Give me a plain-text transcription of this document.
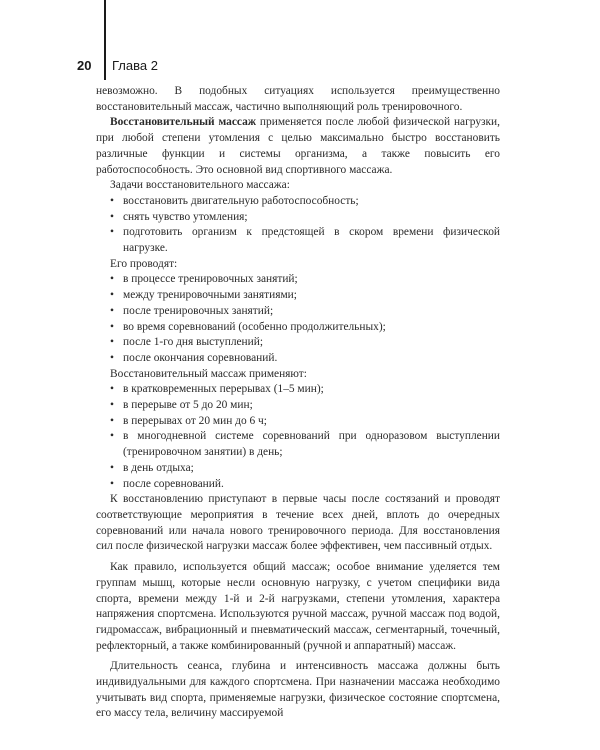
20 Глава 2

невозможно. В подобных ситуациях используется преимущественно восстановительный массаж, частично выполняющий роль тренировочного.

Восстановительный массаж применяется после любой физической нагрузки, при любой степени утомления с целью максимально быстро восстановить различные функции и системы организма, а также повысить его работоспособность. Это основной вид спортивного массажа.

Задачи восстановительного массажа:

• восстановить двигательную работоспособность;
• снять чувство утомления;
• подготовить организм к предстоящей в скором времени физической нагрузке.

Его проводят:

• в процессе тренировочных занятий;
• между тренировочными занятиями;
• после тренировочных занятий;
• во время соревнований (особенно продолжительных);
• после 1-го дня выступлений;
• после окончания соревнований.

Восстановительный массаж применяют:

• в кратковременных перерывах (1–5 мин);
• в перерыве от 5 до 20 мин;
• в перерывах от 20 мин до 6 ч;
• в многодневной системе соревнований при одноразовом выступлении (тренировочном занятии) в день;
• в день отдыха;
• после соревнований.

К восстановлению приступают в первые часы после состязаний и проводят соответствующие мероприятия в течение всех дней, вплоть до очередных соревнований или начала нового тренировочного периода. Для восстановления сил после физической нагрузки массаж более эффективен, чем пассивный отдых.

Как правило, используется общий массаж; особое внимание уделяется тем группам мышц, которые несли основную нагрузку, с учетом специфики вида спорта, времени между 1-й и 2-й нагрузками, степени утомления, характера напряжения спортсмена. Используются ручной массаж, ручной массаж под водой, гидромассаж, вибрационный и пневматический массаж, сегментарный, точечный, рефлекторный, а также комбинированный (ручной и аппаратный) массаж.

Длительность сеанса, глубина и интенсивность массажа должны быть индивидуальными для каждого спортсмена. При назначении массажа необходимо учитывать вид спорта, применяемые нагрузки, физическое состояние спортсмена, его массу тела, величину массируемой
